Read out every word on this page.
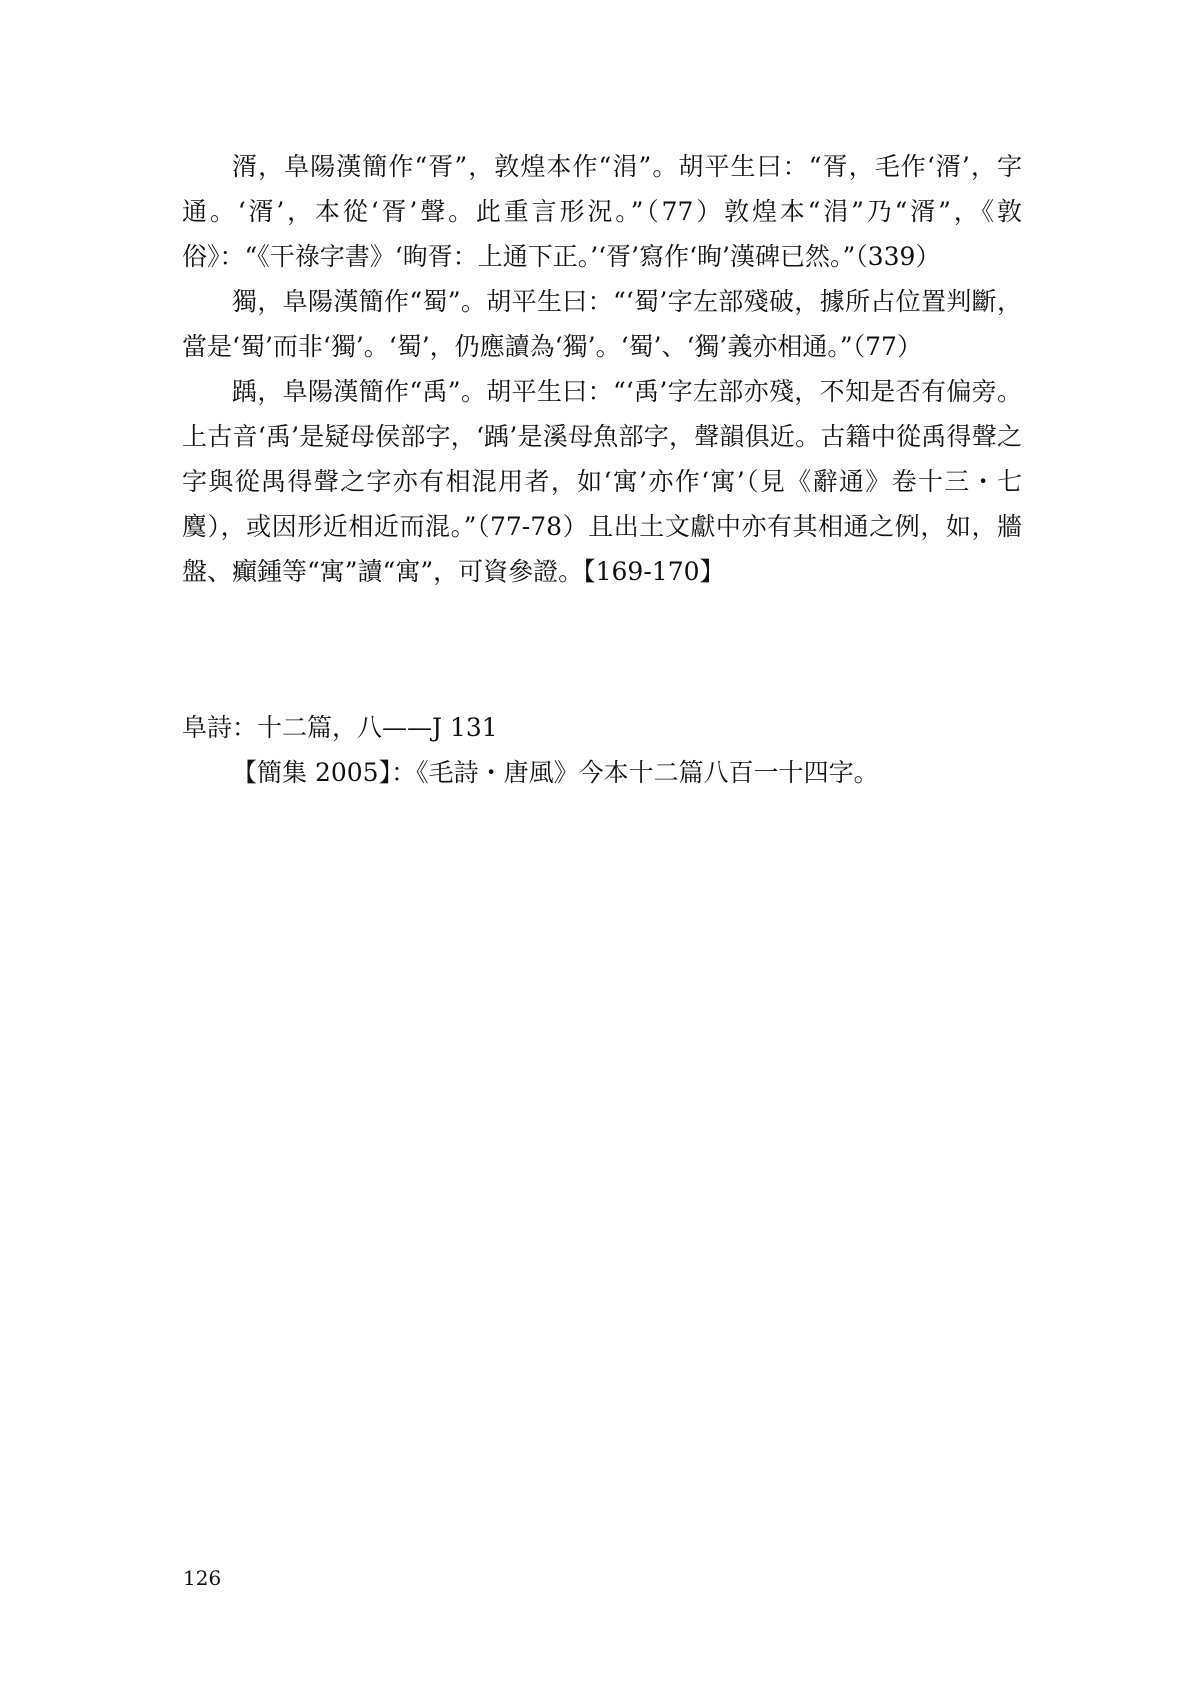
湑，阜陽漢簡作“胥”，敦煌本作“涓”。胡平生曰：“胥，毛作‘湑’，字通。‘湑’，本從‘胥’聲。此重言形況。”（77）敦煌本“涓”乃“湑”，《敦俗》：“《干祿字書》‘㫬胥：上通下正。’‘胥’寫作‘㫬’漢碑已然。”（339）

獨，阜陽漢簡作“蜀”。胡平生曰：“‘蜀’字左部殘破，據所占位置判斷，當是‘蜀’而非‘獨’。‘蜀’，仍應讀為‘獨’。‘蜀’、‘獨’義亦相通。”（77）

踽，阜陽漢簡作“禹”。胡平生曰：“‘禹’字左部亦殘，不知是否有偏旁。上古音‘禹’是疑母侯部字，‘踽’是溪母魚部字，聲韻俱近。古籍中從禹得聲之字與從禺得聲之字亦有相混用者，如‘寓’亦作‘寓’（見《辭通》卷十三・七麌），或因形近相近而混。”（77-78）且出土文獻中亦有其相通之例，如，牆盤、癲鍾等“寓”讀“寓”，可資參證。【169-170】

阜詩：十二篇，八——J 131

【簡集 2005】：《毛詩・唐風》今本十二篇八百一十四字。

126
